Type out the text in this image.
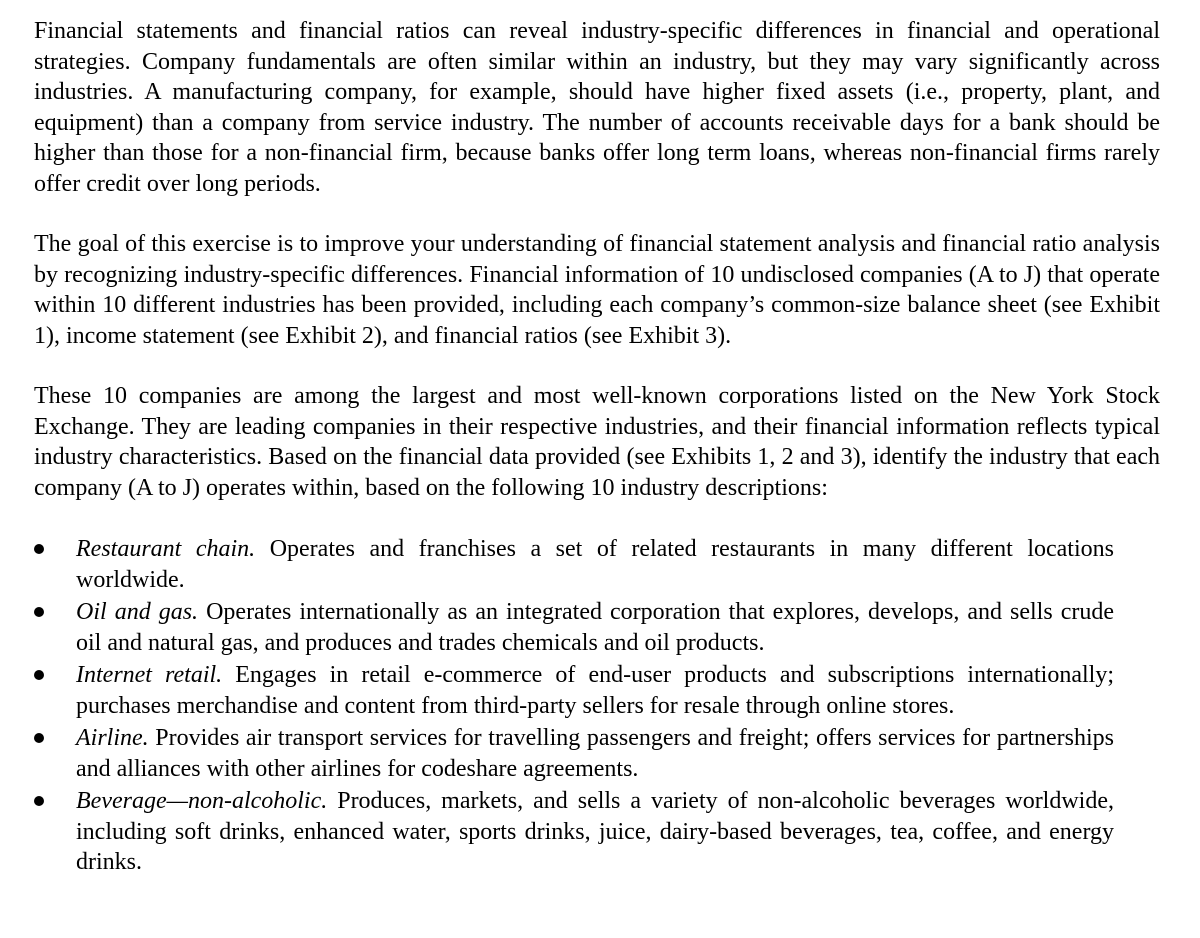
Financial statements and financial ratios can reveal industry-specific differences in financial and operational strategies. Company fundamentals are often similar within an industry, but they may vary significantly across industries. A manufacturing company, for example, should have higher fixed assets (i.e., property, plant, and equipment) than a company from service industry. The number of accounts receivable days for a bank should be higher than those for a non-financial firm, because banks offer long term loans, whereas non-financial firms rarely offer credit over long periods.

The goal of this exercise is to improve your understanding of financial statement analysis and financial ratio analysis by recognizing industry-specific differences. Financial information of 10 undisclosed companies (A to J) that operate within 10 different industries has been provided, including each company’s common-size balance sheet (see Exhibit 1), income statement (see Exhibit 2), and financial ratios (see Exhibit 3).

These 10 companies are among the largest and most well-known corporations listed on the New York Stock Exchange. They are leading companies in their respective industries, and their financial information reflects typical industry characteristics. Based on the financial data provided (see Exhibits 1, 2 and 3), identify the industry that each company (A to J) operates within, based on the following 10 industry descriptions:

Restaurant chain. Operates and franchises a set of related restaurants in many different locations worldwide.
Oil and gas. Operates internationally as an integrated corporation that explores, develops, and sells crude oil and natural gas, and produces and trades chemicals and oil products.
Internet retail. Engages in retail e-commerce of end-user products and subscriptions internationally; purchases merchandise and content from third-party sellers for resale through online stores.
Airline. Provides air transport services for travelling passengers and freight; offers services for partnerships and alliances with other airlines for codeshare agreements.
Beverage—non-alcoholic. Produces, markets, and sells a variety of non-alcoholic beverages worldwide, including soft drinks, enhanced water, sports drinks, juice, dairy-based beverages, tea, coffee, and energy drinks.
